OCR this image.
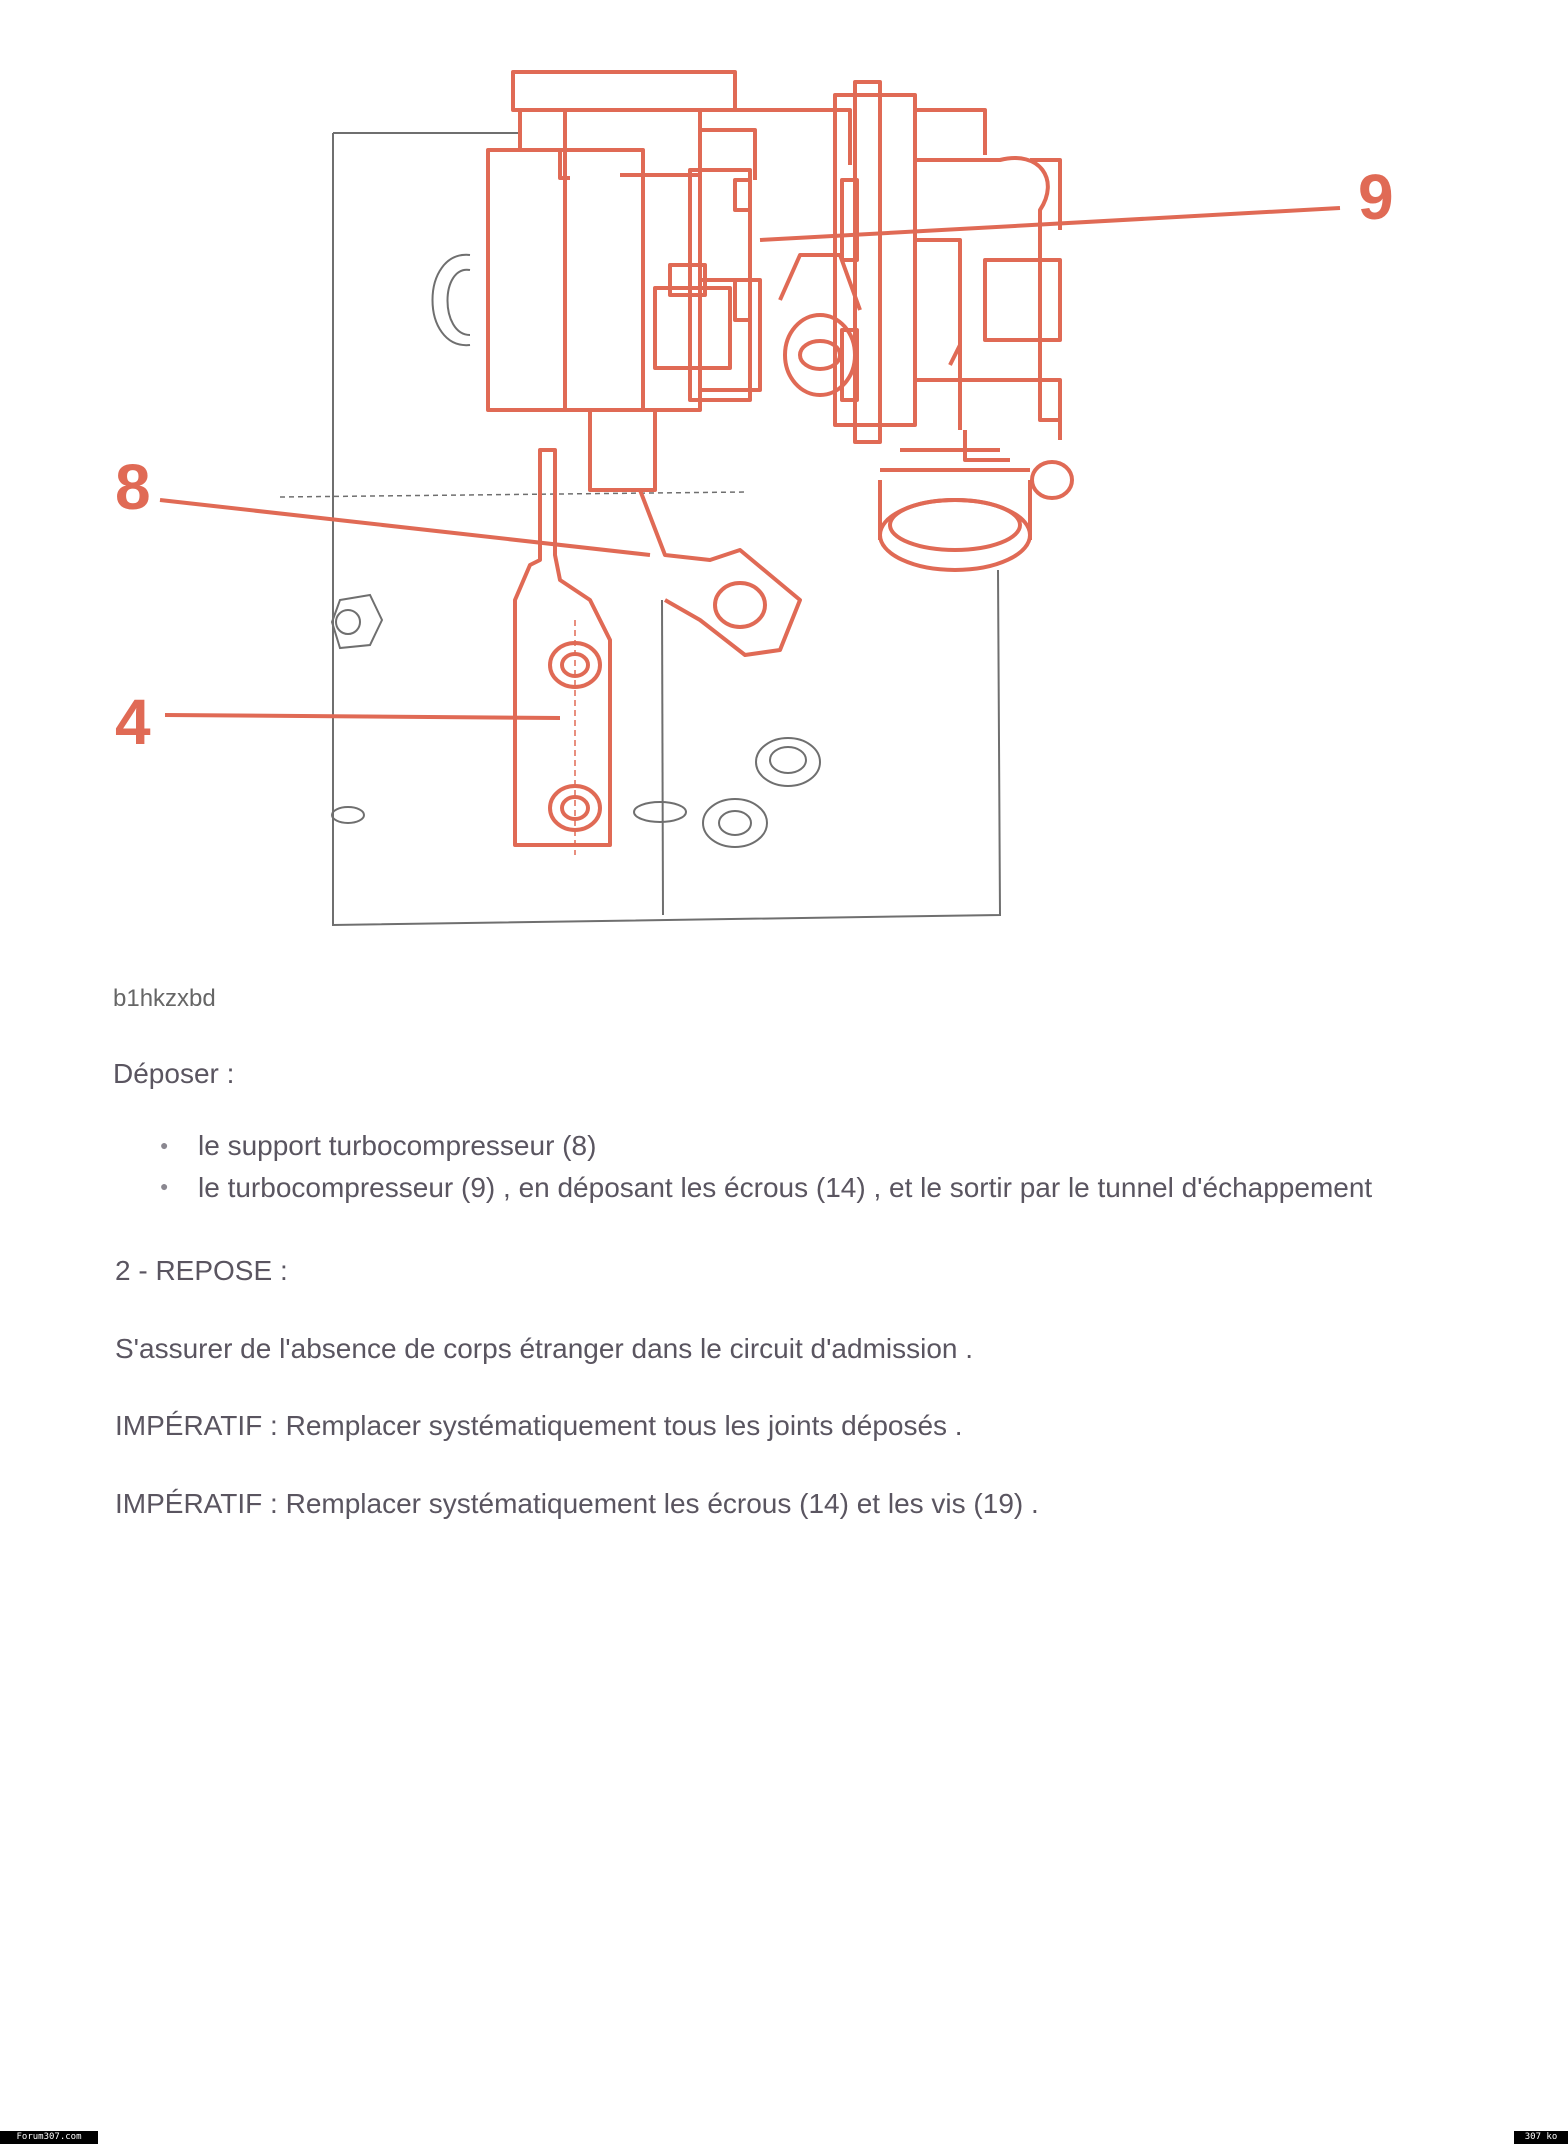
9
8
4
b1hkzxbd
Déposer :
● le support turbocompresseur (8)
● le turbocompresseur (9) , en déposant les écrous (14) , et le sortir par le tunnel d'échappement
2 - REPOSE :
S'assurer de l'absence de corps étranger dans le circuit d'admission .
IMPÉRATIF : Remplacer systématiquement tous les joints déposés .
IMPÉRATIF : Remplacer systématiquement les écrous (14) et les vis (19) .
Forum307.com	307 ko
